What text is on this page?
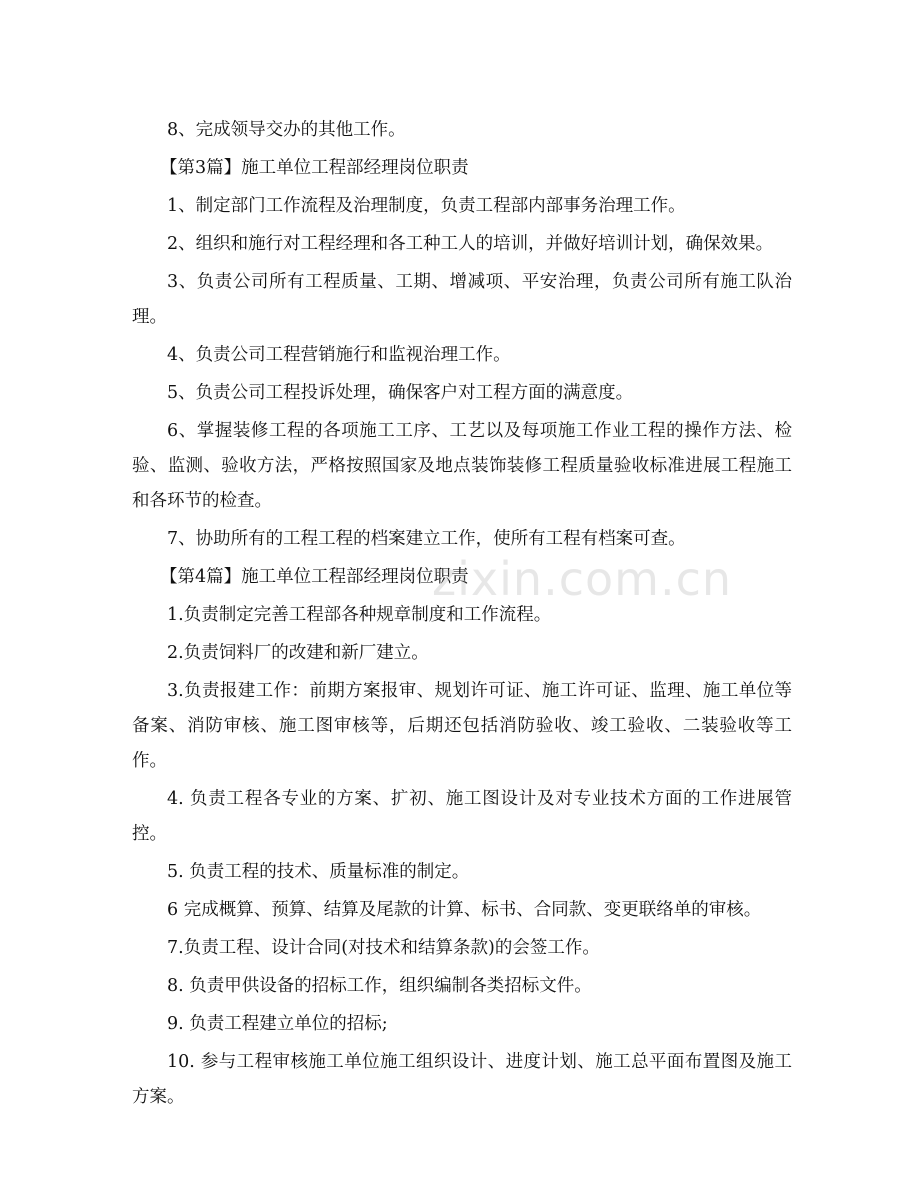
8、完成领导交办的其他工作。

【第3篇】施工单位工程部经理岗位职责

1、制定部门工作流程及治理制度，负责工程部内部事务治理工作。

2、组织和施行对工程经理和各工种工人的培训，并做好培训计划，确保效果。

3、负责公司所有工程质量、工期、增减项、平安治理，负责公司所有施工队治理。

4、负责公司工程营销施行和监视治理工作。

5、负责公司工程投诉处理，确保客户对工程方面的满意度。

6、掌握装修工程的各项施工工序、工艺以及每项施工作业工程的操作方法、检验、监测、验收方法，严格按照国家及地点装饰装修工程质量验收标准进展工程施工和各环节的检查。

7、协助所有的工程工程的档案建立工作，使所有工程有档案可查。

【第4篇】施工单位工程部经理岗位职责

1.负责制定完善工程部各种规章制度和工作流程。

2.负责饲料厂的改建和新厂建立。

3.负责报建工作：前期方案报审、规划许可证、施工许可证、监理、施工单位等备案、消防审核、施工图审核等，后期还包括消防验收、竣工验收、二装验收等工作。

4. 负责工程各专业的方案、扩初、施工图设计及对专业技术方面的工作进展管控。

5. 负责工程的技术、质量标准的制定。

6 完成概算、预算、结算及尾款的计算、标书、合同款、变更联络单的审核。

7.负责工程、设计合同(对技术和结算条款)的会签工作。

8. 负责甲供设备的招标工作，组织编制各类招标文件。

9. 负责工程建立单位的招标;

10. 参与工程审核施工单位施工组织设计、进度计划、施工总平面布置图及施工方案。

zixin.com.cn
